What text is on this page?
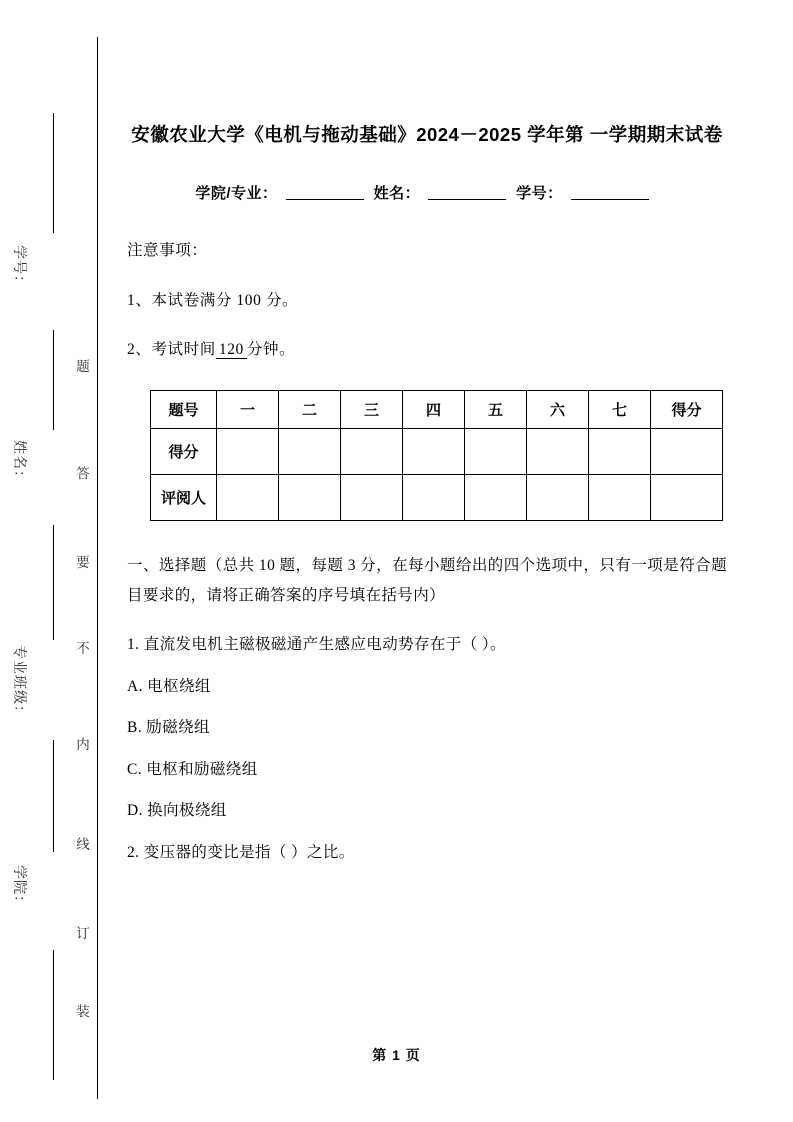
学号：
姓名：
专业班级：
学院：
题
答
要
不
内
线
订
装
安徽农业大学《电机与拖动基础》2024－2025 学年第 一学期期末试卷
学院/专业：	姓名：	学号：
注意事项：
1、本试卷满分 100 分。
2、考试时间 120 分钟。
题号	一	二	三	四	五	六	七	得分
得分								
评阅人								
一、选择题（总共 10 题，每题 3 分，在每小题给出的四个选项中，只有一项是符合题目要求的，请将正确答案的序号填在括号内）
1. 直流发电机主磁极磁通产生感应电动势存在于（ ）。
A. 电枢绕组
B. 励磁绕组
C. 电枢和励磁绕组
D. 换向极绕组
2. 变压器的变比是指（ ）之比。
第 1 页
